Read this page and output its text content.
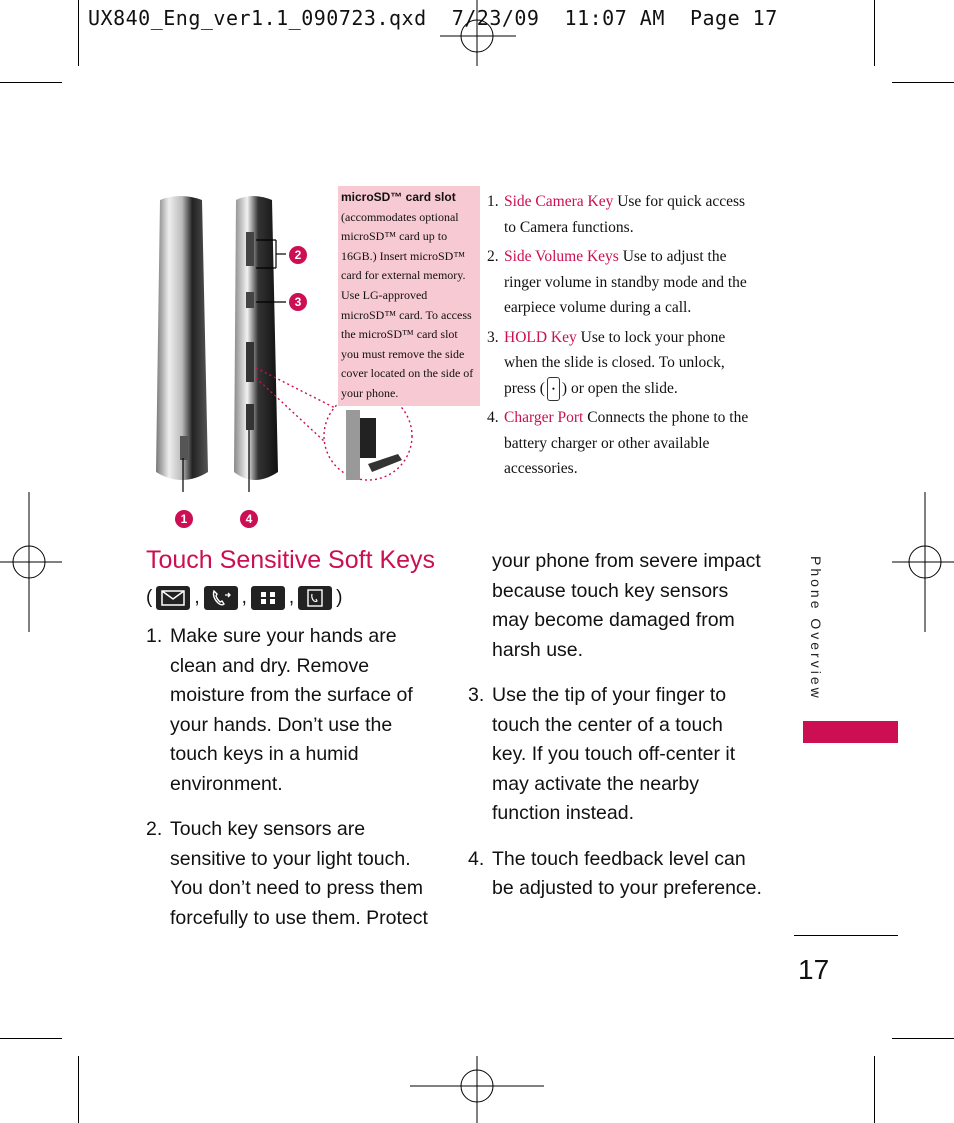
UX840_Eng_ver1.1_090723.qxd  7/23/09  11:07 AM  Page 17
1
2
3
4
microSD™ card slot
(accommodates optional microSD™ card up to 16GB.) Insert microSD™ card for external memory. Use LG-approved microSD™ card. To access the microSD™ card slot you must remove the side cover located on the side of your phone.
1. Side Camera Key Use for quick access to Camera functions.
2. Side Volume Keys Use to adjust the ringer volume in standby mode and the earpiece volume during a call.
3. HOLD Key Use to lock your phone when the slide is closed. To unlock, press ( • ) or open the slide.
4. Charger Port Connects the phone to the battery charger or other available accessories.
Touch Sensitive Soft Keys
( , , , )
1. Make sure your hands are clean and dry. Remove moisture from the surface of your hands. Don’t use the touch keys in a humid environment.
2. Touch key sensors are sensitive to your light touch. You don’t need to press them forcefully to use them. Protect
your phone from severe impact because touch key sensors may become damaged from harsh use.
3. Use the tip of your finger to touch the center of a touch key. If you touch off-center it may activate the nearby function instead.
4. The touch feedback level can be adjusted to your preference.
Phone Overview
17
